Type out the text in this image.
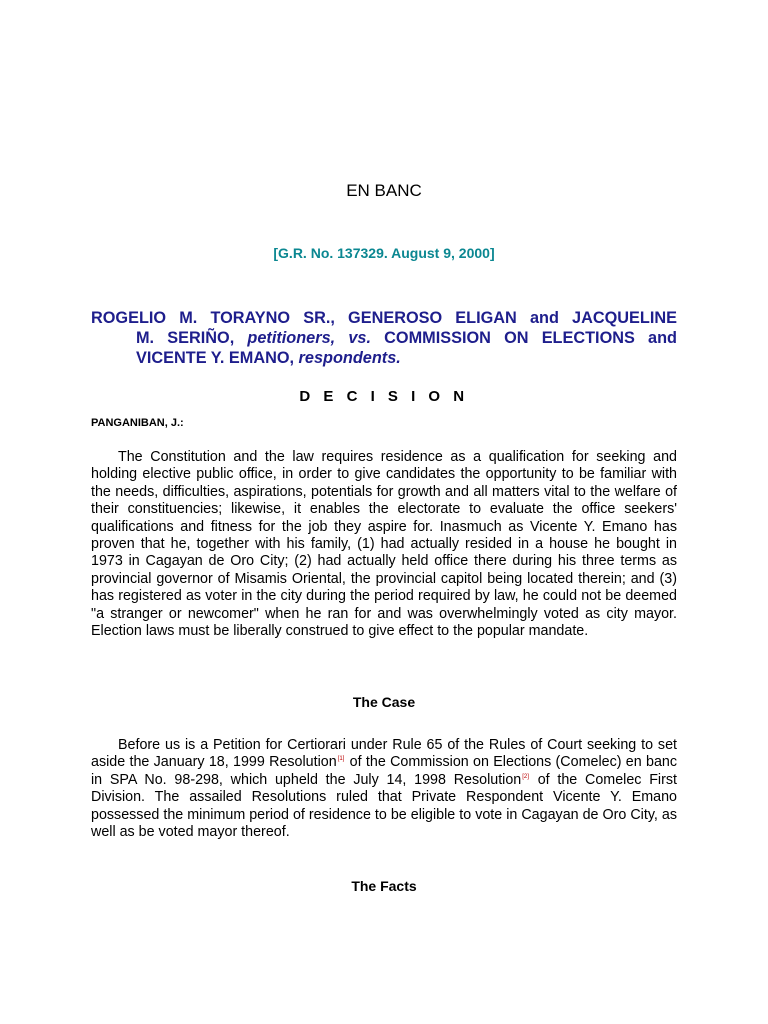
EN BANC
[G.R. No. 137329. August 9, 2000]
ROGELIO M. TORAYNO SR., GENEROSO ELIGAN and JACQUELINE
M. SERIÑO, petitioners, vs. COMMISSION ON ELECTIONS and
VICENTE Y. EMANO, respondents.
D E C I S I O N
PANGANIBAN, J.:
The Constitution and the law requires residence as a qualification for seeking and holding elective public office, in order to give candidates the opportunity to be familiar with the needs, difficulties, aspirations, potentials for growth and all matters vital to the welfare of their constituencies; likewise, it enables the electorate to evaluate the office seekers' qualifications and fitness for the job they aspire for. Inasmuch as Vicente Y. Emano has proven that he, together with his family, (1) had actually resided in a house he bought in 1973 in Cagayan de Oro City; (2) had actually held office there during his three terms as provincial governor of Misamis Oriental, the provincial capitol being located therein; and (3) has registered as voter in the city during the period required by law, he could not be deemed "a stranger or newcomer" when he ran for and was overwhelmingly voted as city mayor. Election laws must be liberally construed to give effect to the popular mandate.
The Case
Before us is a Petition for Certiorari under Rule 65 of the Rules of Court seeking to set aside the January 18, 1999 Resolution[1] of the Commission on Elections (Comelec) en banc in SPA No. 98-298, which upheld the July 14, 1998 Resolution[2] of the Comelec First Division. The assailed Resolutions ruled that Private Respondent Vicente Y. Emano possessed the minimum period of residence to be eligible to vote in Cagayan de Oro City, as well as be voted mayor thereof.
The Facts
